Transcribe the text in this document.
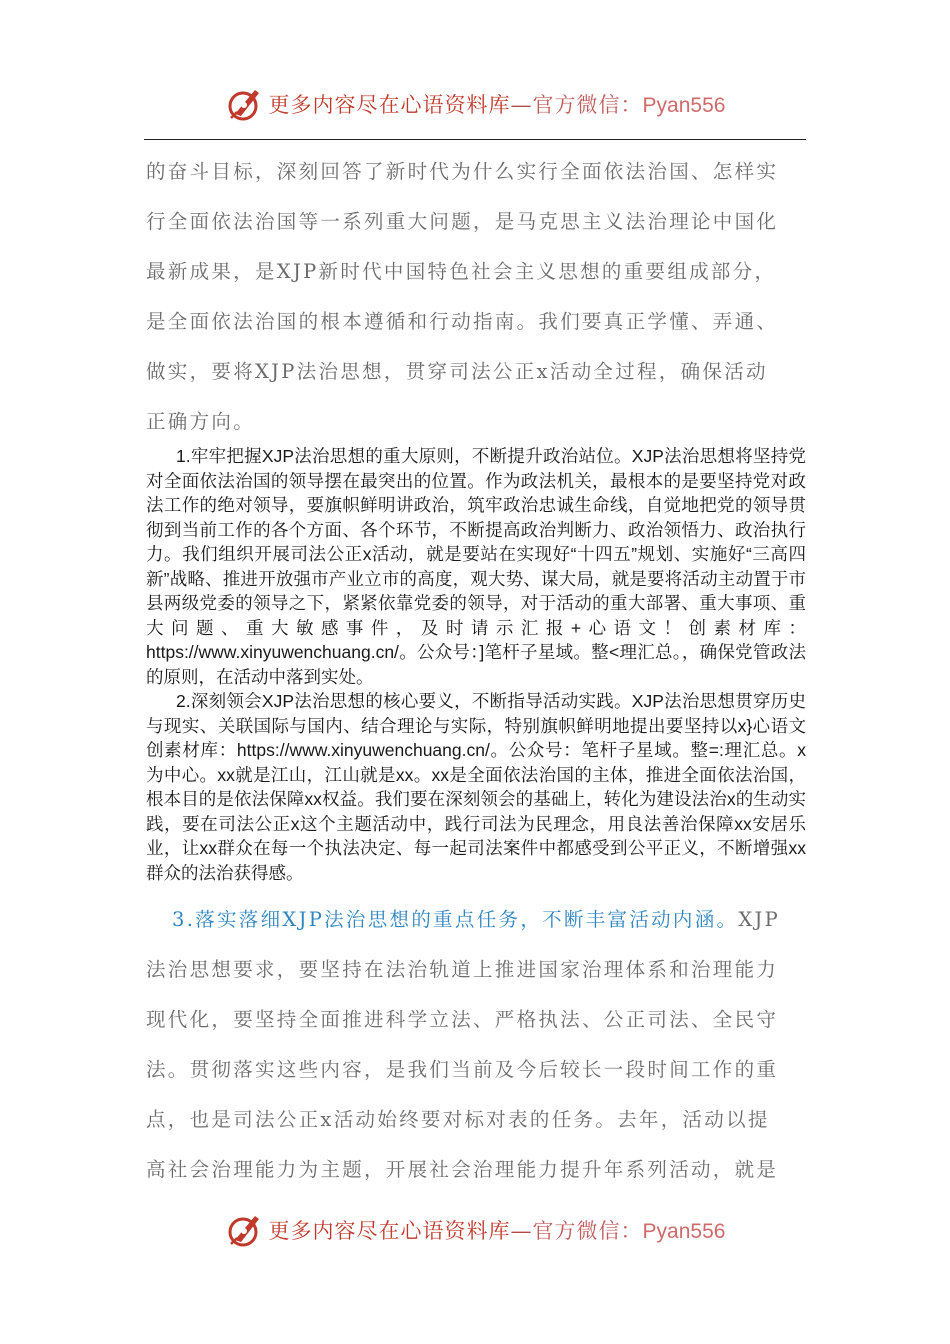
更多内容尽在心语资料库—官方微信：Pyan556

的奋斗目标，深刻回答了新时代为什么实行全面依法治国、怎样实

行全面依法治国等一系列重大问题，是马克思主义法治理论中国化

最新成果，是XJP新时代中国特色社会主义思想的重要组成部分，

是全面依法治国的根本遵循和行动指南。我们要真正学懂、弄通、

做实，要将XJP法治思想，贯穿司法公正x活动全过程，确保活动

正确方向。

1.牢牢把握XJP法治思想的重大原则，不断提升政治站位。XJP法治思想将坚持党对全面依法治国的领导摆在最突出的位置。作为政法机关，最根本的是要坚持党对政法工作的绝对领导，要旗帜鲜明讲政治，筑牢政治忠诚生命线，自觉地把党的领导贯彻到当前工作的各个方面、各个环节，不断提高政治判断力、政治领悟力、政治执行力。我们组织开展司法公正x活动，就是要站在实现好“十四五”规划、实施好“三高四新”战略、推进开放强市产业立市的高度，观大势、谋大局，就是要将活动主动置于市县两级党委的领导之下，紧紧依靠党委的领导，对于活动的重大部署、重大事项、重大问题、重大敏感事件，及时请示汇报+心语文！创素材库：https://www.xinyuwenchuang.cn/。公众号：]笔杆子星域。整<理汇总。，确保党管政法的原则，在活动中落到实处。

2.深刻领会XJP法治思想的核心要义，不断指导活动实践。XJP法治思想贯穿历史与现实、关联国际与国内、结合理论与实际，特别旗帜鲜明地提出要坚持以x}心语文创素材库：https://www.xinyuwenchuang.cn/。公众号：笔杆子星域。整=:理汇总。x为中心。xx就是江山，江山就是xx。xx是全面依法治国的主体，推进全面依法治国，根本目的是依法保障xx权益。我们要在深刻领会的基础上，转化为建设法治x的生动实践，要在司法公正x这个主题活动中，践行司法为民理念，用良法善治保障xx安居乐业，让xx群众在每一个执法决定、每一起司法案件中都感受到公平正义，不断增强xx群众的法治获得感。

3.落实落细XJP法治思想的重点任务，不断丰富活动内涵。XJP

法治思想要求，要坚持在法治轨道上推进国家治理体系和治理能力

现代化，要坚持全面推进科学立法、严格执法、公正司法、全民守

法。贯彻落实这些内容，是我们当前及今后较长一段时间工作的重

点，也是司法公正x活动始终要对标对表的任务。去年，活动以提

高社会治理能力为主题，开展社会治理能力提升年系列活动，就是

更多内容尽在心语资料库—官方微信：Pyan556
